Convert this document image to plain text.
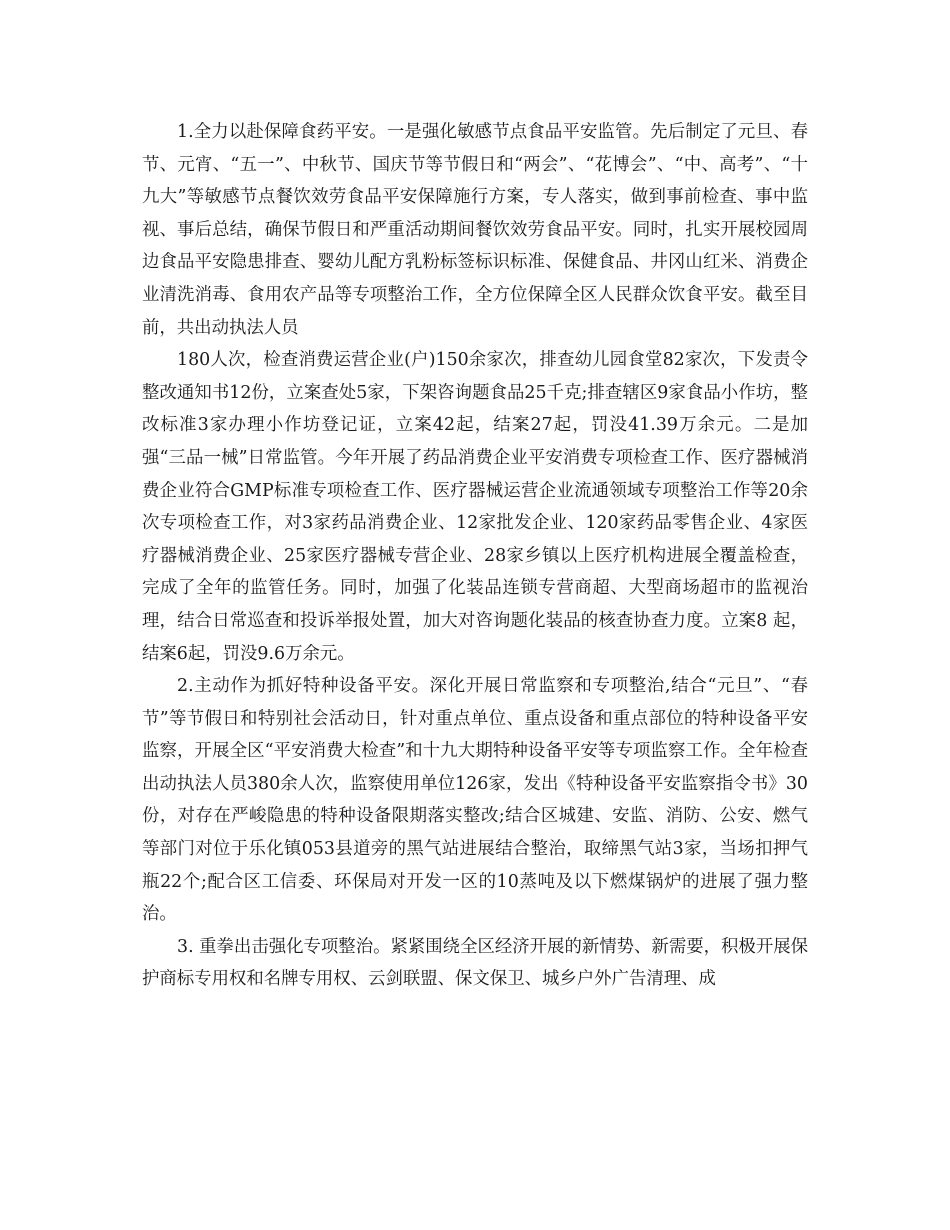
1.全力以赴保障食药平安。一是强化敏感节点食品平安监管。先后制定了元旦、春节、元宵、“五一”、中秋节、国庆节等节假日和“两会”、“花博会”、“中、高考”、“十九大”等敏感节点餐饮效劳食品平安保障施行方案，专人落实，做到事前检查、事中监视、事后总结，确保节假日和严重活动期间餐饮效劳食品平安。同时，扎实开展校园周边食品平安隐患排查、婴幼儿配方乳粉标签标识标准、保健食品、井冈山红米、消费企业清洗消毒、食用农产品等专项整治工作，全方位保障全区人民群众饮食平安。截至目前，共出动执法人员

180人次，检查消费运营企业(户)150余家次，排查幼儿园食堂82家次，下发责令整改通知书12份，立案查处5家，下架咨询题食品25千克;排查辖区9家食品小作坊，整改标准3家办理小作坊登记证，立案42起，结案27起，罚没41.39万余元。二是加强“三品一械”日常监管。今年开展了药品消费企业平安消费专项检查工作、医疗器械消费企业符合GMP标准专项检查工作、医疗器械运营企业流通领域专项整治工作等20余次专项检查工作，对3家药品消费企业、12家批发企业、120家药品零售企业、4家医疗器械消费企业、25家医疗器械专营企业、28家乡镇以上医疗机构进展全覆盖检查，完成了全年的监管任务。同时，加强了化装品连锁专营商超、大型商场超市的监视治理，结合日常巡查和投诉举报处置，加大对咨询题化装品的核查协查力度。立案8 起，结案6起，罚没9.6万余元。

2.主动作为抓好特种设备平安。深化开展日常监察和专项整治,结合“元旦”、“春节”等节假日和特别社会活动日，针对重点单位、重点设备和重点部位的特种设备平安监察，开展全区“平安消费大检查”和十九大期特种设备平安等专项监察工作。全年检查出动执法人员380余人次，监察使用单位126家，发出《特种设备平安监察指令书》30份，对存在严峻隐患的特种设备限期落实整改;结合区城建、安监、消防、公安、燃气等部门对位于乐化镇053县道旁的黑气站进展结合整治，取缔黑气站3家，当场扣押气瓶22个;配合区工信委、环保局对开发一区的10蒸吨及以下燃煤锅炉的进展了强力整治。

3. 重拳出击强化专项整治。紧紧围绕全区经济开展的新情势、新需要，积极开展保护商标专用权和名牌专用权、云剑联盟、保文保卫、城乡户外广告清理、成
